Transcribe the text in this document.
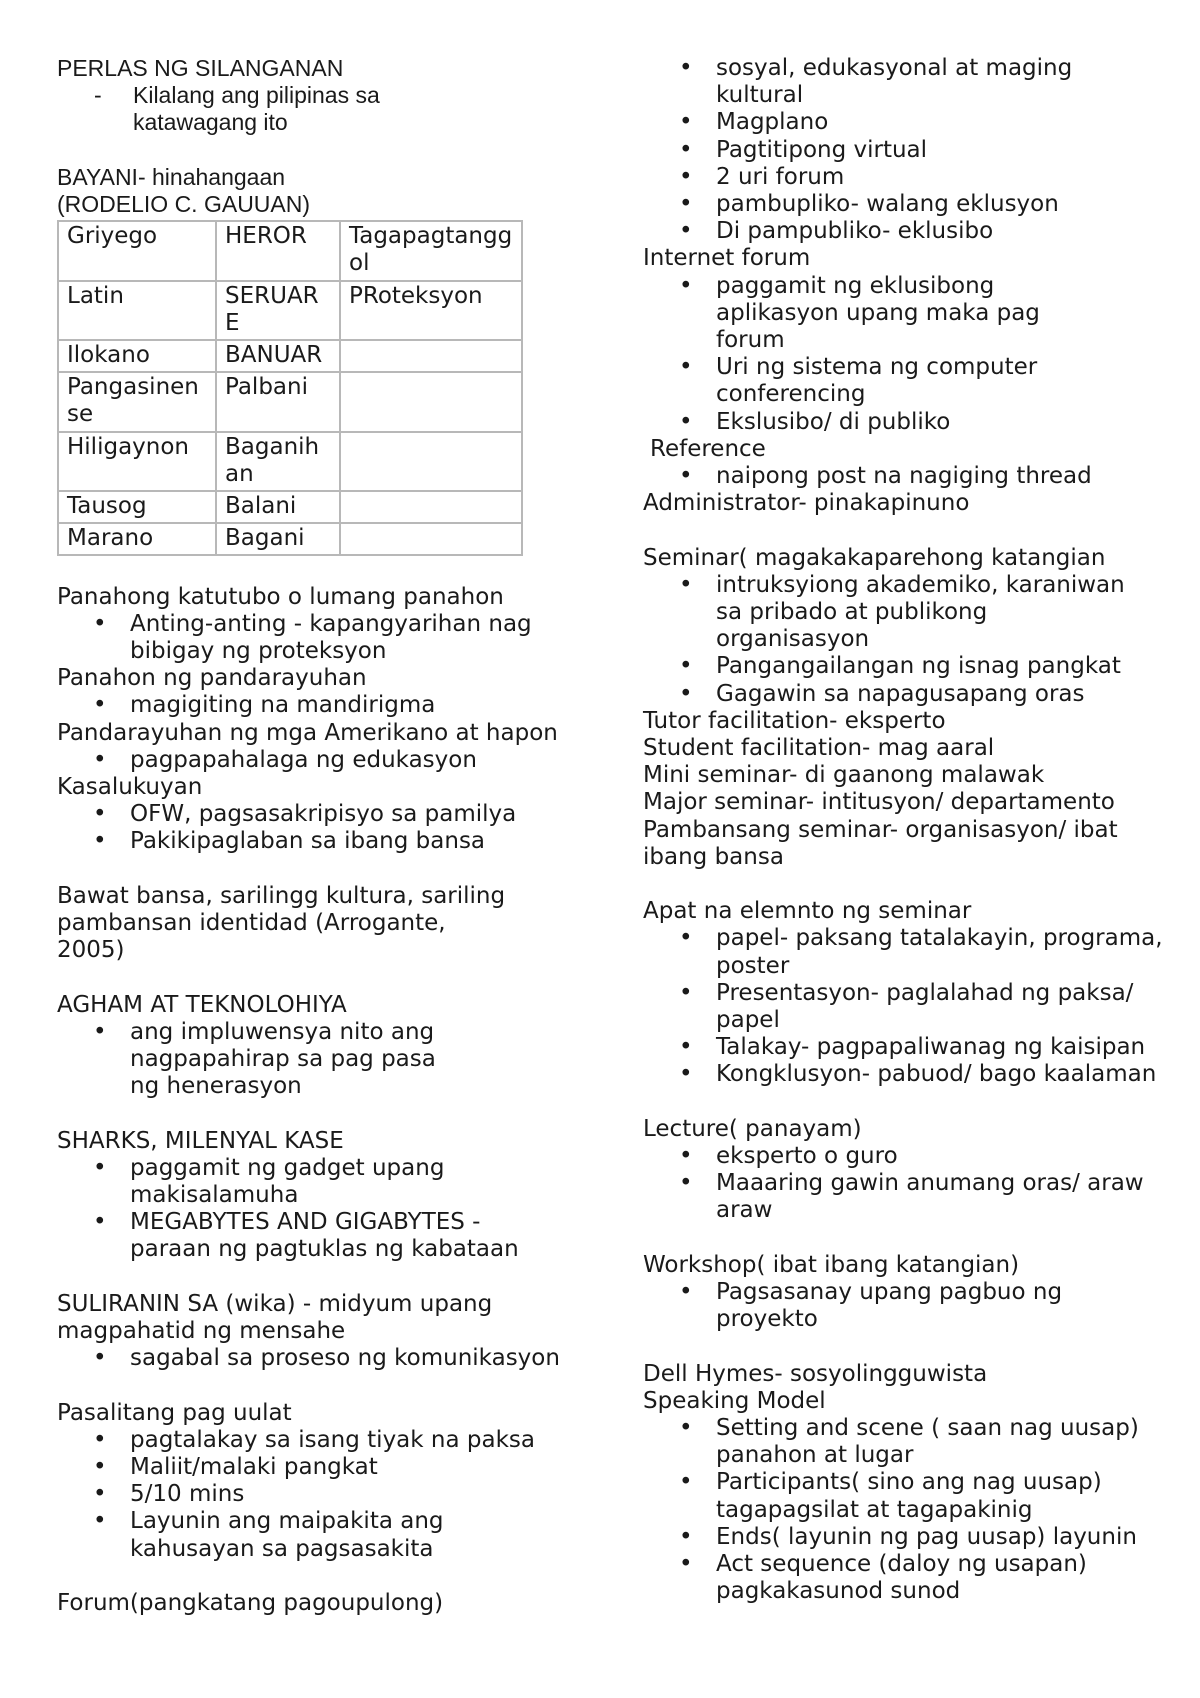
PERLAS NG SILANGANAN

- Kilalang ang pilipinas sa katawagang ito

BAYANI- hinahangaan

(RODELIO C. GAUUAN)

Griyego	HEROR	Tagapagtanggol
Latin	SERUARE	PRoteksyon
Ilokano	BANUAR	
Pangasinense	Palbani	
Hiligaynon	Baganihan	
Tausog	Balani	
Marano	Bagani	

Panahong katutubo o lumang panahon

• Anting-anting - kapangyarihan nag bibigay ng proteksyon

Panahon ng pandarayuhan

• magigiting na mandirigma

Pandarayuhan ng mga Amerikano at hapon

• pagpapahalaga ng edukasyon

Kasalukuyan

• OFW, pagsasakripisyo sa pamilya
• Pakikipaglaban sa ibang bansa

Bawat bansa, sarilingg kultura, sariling pambansan identidad (Arrogante, 2005)

AGHAM AT TEKNOLOHIYA

• ang impluwensya nito ang nagpapahirap sa pag pasa ng henerasyon

SHARKS, MILENYAL KASE

• paggamit ng gadget upang makisalamuha
• MEGABYTES AND GIGABYTES - paraan ng pagtuklas ng kabataan

SULIRANIN SA (wika) - midyum upang magpahatid ng mensahe

• sagabal sa proseso ng komunikasyon

Pasalitang pag uulat

• pagtalakay sa isang tiyak na paksa
• Maliit/malaki pangkat
• 5/10 mins
• Layunin ang maipakita ang kahusayan sa pagsasakita

Forum(pangkatang pagoupulong)

• sosyal, edukasyonal at maging kultural
• Magplano
• Pagtitipong virtual
• 2 uri forum
• pambupliko- walang eklusyon
• Di pampubliko- eklusibo

Internet forum

• paggamit ng eklusibong aplikasyon upang maka pag forum
• Uri ng sistema ng computer conferencing
• Ekslusibo/ di publiko

Reference

• naipong post na nagiging thread

Administrator- pinakapinuno

Seminar( magakakaparehong katangian

• intruksyiong akademiko, karaniwan sa pribado at publikong organisasyon
• Pangangailangan ng isnag pangkat
• Gagawin sa napagusapang oras

Tutor facilitation- eksperto

Student facilitation- mag aaral

Mini seminar- di gaanong malawak

Major seminar- intitusyon/ departamento

Pambansang seminar- organisasyon/ ibat ibang bansa

Apat na elemnto ng seminar

• papel- paksang tatalakayin, programa, poster
• Presentasyon- paglalahad ng paksa/ papel
• Talakay- pagpapaliwanag ng kaisipan
• Kongklusyon- pabuod/ bago kaalaman

Lecture( panayam)

• eksperto o guro
• Maaaring gawin anumang oras/ araw araw

Workshop( ibat ibang katangian)

• Pagsasanay upang pagbuo ng proyekto

Dell Hymes- sosyolingguwista

Speaking Model

• Setting and scene ( saan nag uusap) panahon at lugar
• Participants( sino ang nag uusap) tagapagsilat at tagapakinig
• Ends( layunin ng pag uusap) layunin
• Act sequence (daloy ng usapan) pagkakasunod sunod
